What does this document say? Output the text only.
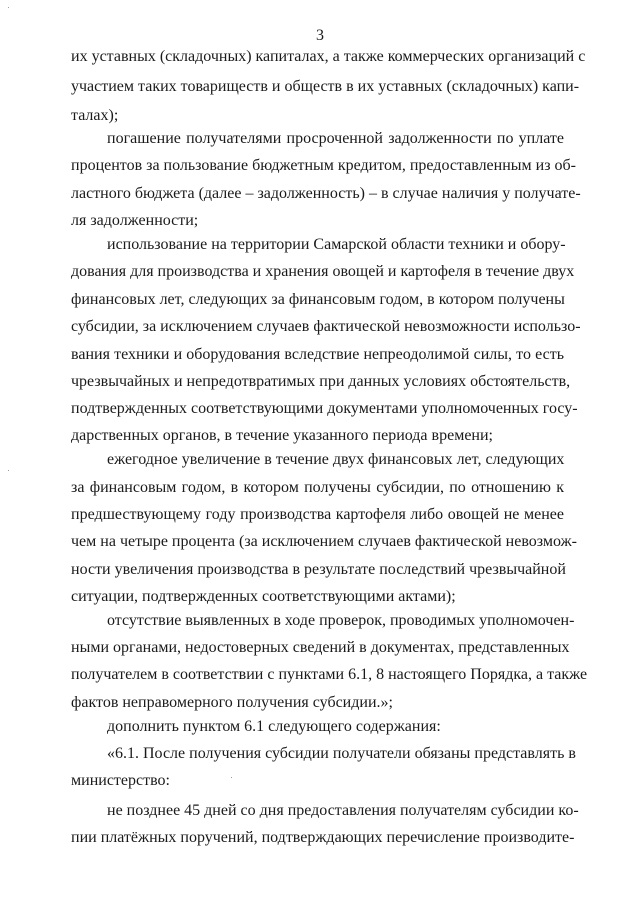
3
их уставных (складочных) капиталах, а также коммерческих организаций с
участием таких товариществ и обществ в их уставных (складочных) капи-
талах);
погашение получателями просроченной задолженности по уплате
процентов за пользование бюджетным кредитом, предоставленным из об-
ластного бюджета (далее – задолженность) – в случае наличия у получате-
ля задолженности;
использование на территории Самарской области техники и обору-
дования для производства и хранения овощей и картофеля в течение двух
финансовых лет, следующих за финансовым годом, в котором получены
субсидии, за исключением случаев фактической невозможности использо-
вания техники и оборудования вследствие непреодолимой силы, то есть
чрезвычайных и непредотвратимых при данных условиях обстоятельств,
подтвержденных соответствующими документами уполномоченных госу-
дарственных органов, в течение указанного периода времени;
ежегодное увеличение в течение двух финансовых лет, следующих
за финансовым годом, в котором получены субсидии, по отношению к
предшествующему году производства картофеля либо овощей не менее
чем на четыре процента (за исключением случаев фактической невозмож-
ности увеличения производства в результате последствий чрезвычайной
ситуации, подтвержденных соответствующими актами);
отсутствие выявленных в ходе проверок, проводимых уполномочен-
ными органами, недостоверных сведений в документах, представленных
получателем в соответствии с пунктами 6.1, 8 настоящего Порядка, а также
фактов неправомерного получения субсидии.»;
дополнить пунктом 6.1 следующего содержания:
«6.1. После получения субсидии получатели обязаны представлять в
министерство:
не позднее 45 дней со дня предоставления получателям субсидии ко-
пии платёжных поручений, подтверждающих перечисление производите-
